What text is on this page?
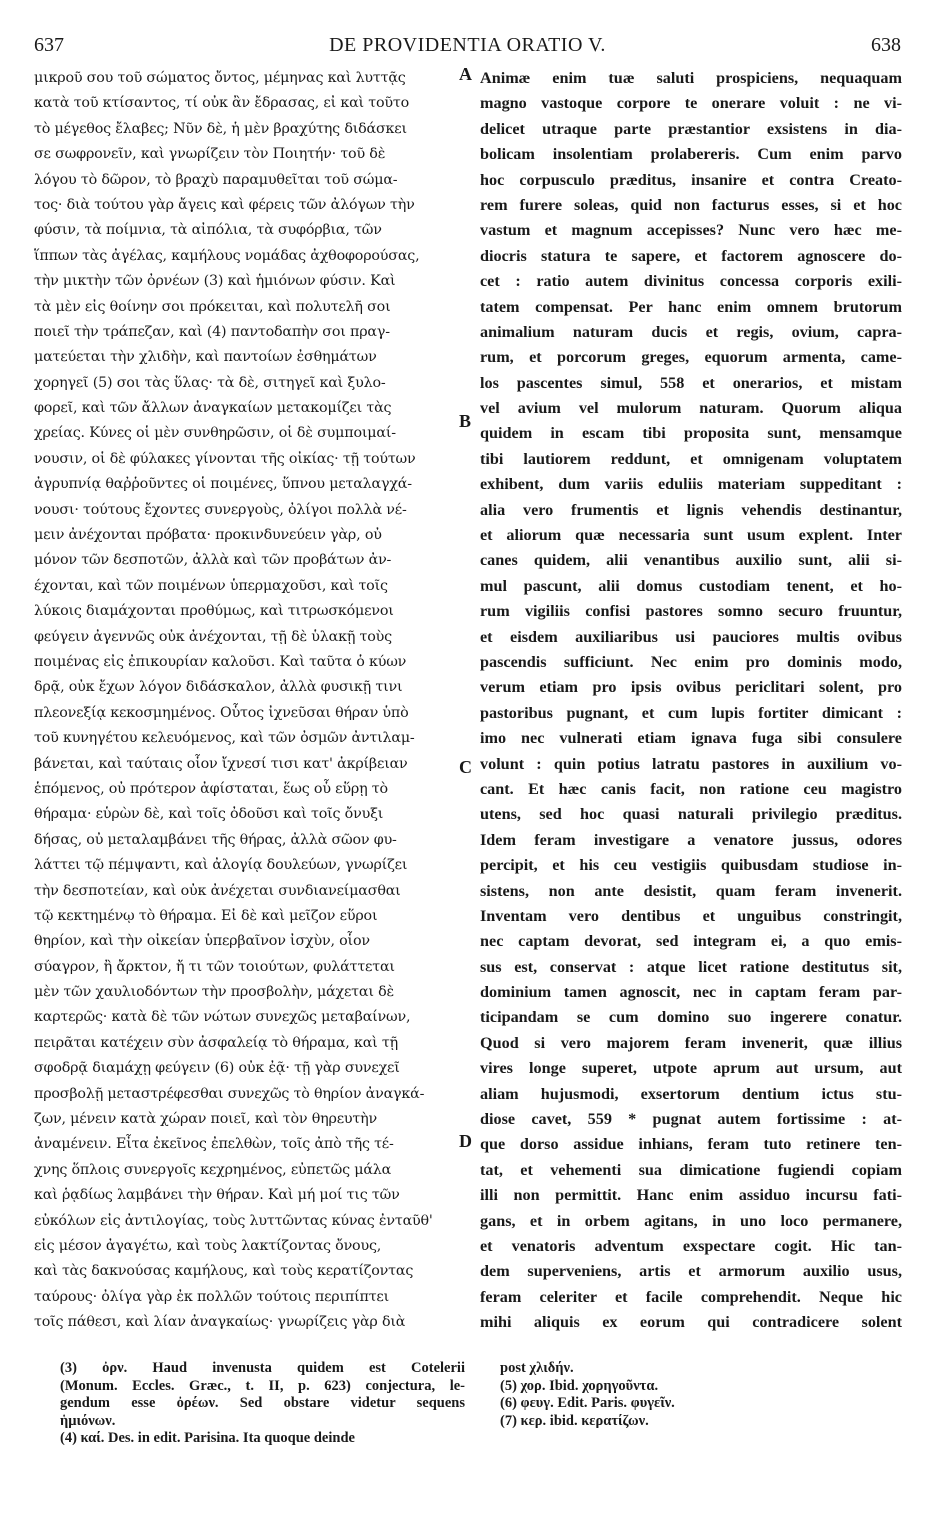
637	DE PROVIDENTIA ORATIO V.	638
μικροῦ σου τοῦ σώματος ὄντος, μέμηνας καὶ λυττᾷς
κατὰ τοῦ κτίσαντος, τί οὐκ ἂν ἔδρασας, εἰ καὶ τοῦτο
τὸ μέγεθος ἔλαβες; Νῦν δὲ, ἡ μὲν βραχύτης διδάσκει
σε σωφρονεῖν, καὶ γνωρίζειν τὸν Ποιητήν· τοῦ δὲ
λόγου τὸ δῶρον, τὸ βραχὺ παραμυθεῖται τοῦ σώμα-
τος· διὰ τούτου γὰρ ἄγεις καὶ φέρεις τῶν ἀλόγων τὴν
φύσιν, τὰ ποίμνια, τὰ αἰπόλια, τὰ συφόρβια, τῶν
ἵππων τὰς ἀγέλας, καμήλους νομάδας ἀχθοφορούσας,
τὴν μικτὴν τῶν ὀρνέων (3) καὶ ἡμιόνων φύσιν. Καὶ
τὰ μὲν εἰς θοίνην σοι πρόκειται, καὶ πολυτελῆ σοι
ποιεῖ τὴν τράπεζαν, καὶ (4) παντοδαπὴν σοι πραγ-
ματεύεται τὴν χλιδὴν, καὶ παντοίων ἐσθημάτων
χορηγεῖ (5) σοι τὰς ὕλας· τὰ δὲ, σιτηγεῖ καὶ ξυλο-
φορεῖ, καὶ τῶν ἄλλων ἀναγκαίων μετακομίζει τὰς
χρείας. Κύνες οἱ μὲν συνθηρῶσιν, οἱ δὲ συμποιμαί-
νουσιν, οἱ δὲ φύλακες γίνονται τῆς οἰκίας· τῇ τούτων
ἀγρυπνίᾳ θαῤῥοῦντες οἱ ποιμένες, ὕπνου μεταλαγχά-
νουσι· τούτους ἔχοντες συνεργοὺς, ὀλίγοι πολλὰ νέ-
μειν ἀνέχονται πρόβατα· προκινδυνεύειν γὰρ, οὐ
μόνον τῶν δεσποτῶν, ἀλλὰ καὶ τῶν προβάτων ἀν-
έχονται, καὶ τῶν ποιμένων ὑπερμαχοῦσι, καὶ τοῖς
λύκοις διαμάχονται προθύμως, καὶ τιτρωσκόμενοι
φεύγειν ἀγεννῶς οὐκ ἀνέχονται, τῇ δὲ ὑλακῇ τοὺς
ποιμένας εἰς ἐπικουρίαν καλοῦσι. Καὶ ταῦτα ὁ κύων
δρᾷ, οὐκ ἔχων λόγον διδάσκαλον, ἀλλὰ φυσικῇ τινι
πλεονεξίᾳ κεκοσμημένος. Οὗτος ἰχνεῦσαι θήραν ὑπὸ
τοῦ κυνηγέτου κελευόμενος, καὶ τῶν ὀσμῶν ἀντιλαμ-
βάνεται, καὶ ταύταις οἷον ἴχνεσί τισι κατ' ἀκρίβειαν
ἑπόμενος, οὐ πρότερον ἀφίσταται, ἕως οὗ εὕρῃ τὸ
θήραμα· εὑρὼν δὲ, καὶ τοῖς ὀδοῦσι καὶ τοῖς ὄνυξι
δήσας, οὐ μεταλαμβάνει τῆς θήρας, ἀλλὰ σῶον φυ-
λάττει τῷ πέμψαντι, καὶ ἀλογίᾳ δουλεύων, γνωρίζει
τὴν δεσποτείαν, καὶ οὐκ ἀνέχεται συνδιανείμασθαι
τῷ κεκτημένῳ τὸ θήραμα. Εἰ δὲ καὶ μεῖζον εὕροι
θηρίον, καὶ τὴν οἰκείαν ὑπερβαῖνον ἰσχὺν, οἷον
σύαγρον, ἢ ἄρκτον, ἤ τι τῶν τοιούτων, φυλάττεται
μὲν τῶν χαυλιοδόντων τὴν προσβολὴν, μάχεται δὲ
καρτερῶς· κατὰ δὲ τῶν νώτων συνεχῶς μεταβαίνων,
πειρᾶται κατέχειν σὺν ἀσφαλείᾳ τὸ θήραμα, καὶ τῇ
σφοδρᾷ διαμάχῃ φεύγειν (6) οὐκ ἐᾷ· τῇ γὰρ συνεχεῖ
προσβολῇ μεταστρέφεσθαι συνεχῶς τὸ θηρίον ἀναγκά-
ζων, μένειν κατὰ χώραν ποιεῖ, καὶ τὸν θηρευτὴν
ἀναμένειν. Εἶτα ἐκεῖνος ἐπελθὼν, τοῖς ἀπὸ τῆς τέ-
χνης ὅπλοις συνεργοῖς κεχρημένος, εὐπετῶς μάλα
καὶ ῥᾳδίως λαμβάνει τὴν θήραν. Καὶ μή μοί τις τῶν
εὐκόλων εἰς ἀντιλογίας, τοὺς λυττῶντας κύνας ἐνταῦθ'
εἰς μέσον ἀγαγέτω, καὶ τοὺς λακτίζοντας ὄνους,
καὶ τὰς δακνούσας καμήλους, καὶ τοὺς κερατίζοντας
ταύρους· ὀλίγα γὰρ ἐκ πολλῶν τούτοις περιπίπτει
τοῖς πάθεσι, καὶ λίαν ἀναγκαίως· γνωρίζεις γὰρ διὰ
Animæ enim tuæ saluti prospiciens, nequaquam
magno vastoque corpore te onerare voluit : ne vi-
delicet utraque parte præstantior exsistens in dia-
bolicam insolentiam prolabereris. Cum enim parvo
hoc corpusculo præditus, insanire et contra Creato-
rem furere soleas, quid non facturus esses, si et hoc
vastum et magnum accepisses? Nunc vero hæc me-
diocris statura te sapere, et factorem agnoscere do-
cet : ratio autem divinitus concessa corporis exili-
tatem compensat. Per hanc enim omnem brutorum
animalium naturam ducis et regis, ovium, capra-
rum, et porcorum greges, equorum armenta, came-
los pascentes simul, 558 et onerarios, et mistam
vel avium vel mulorum naturam. Quorum aliqua
quidem in escam tibi proposita sunt, mensamque
tibi lautiorem reddunt, et omnigenam voluptatem
exhibent, dum variis eduliis materiam suppeditant :
alia vero frumentis et lignis vehendis destinantur,
et aliorum quæ necessaria sunt usum explent. Inter
canes quidem, alii venantibus auxilio sunt, alii si-
mul pascunt, alii domus custodiam tenent, et ho-
rum vigiliis confisi pastores somno securo fruuntur,
et eisdem auxiliaribus usi pauciores multis ovibus
pascendis sufficiunt. Nec enim pro dominis modo,
verum etiam pro ipsis ovibus periclitari solent, pro
pastoribus pugnant, et cum lupis fortiter dimicant :
imo nec vulnerati etiam ignava fuga sibi consulere
volunt : quin potius latratu pastores in auxilium vo-
cant. Et hæc canis facit, non ratione ceu magistro
utens, sed hoc quasi naturali privilegio præditus.
Idem feram investigare a venatore jussus, odores
percipit, et his ceu vestigiis quibusdam studiose in-
sistens, non ante desistit, quam feram invenerit.
Inventam vero dentibus et unguibus constringit,
nec captam devorat, sed integram ei, a quo emis-
sus est, conservat : atque licet ratione destitutus sit,
dominium tamen agnoscit, nec in captam feram par-
ticipandam se cum domino suo ingerere conatur.
Quod si vero majorem feram invenerit, quæ illius
vires longe superet, utpote aprum aut ursum, aut
aliam hujusmodi, exsertorum dentium ictus stu-
diose cavet, 559 * pugnat autem fortissime : at-
que dorso assidue inhians, feram tuto retinere ten-
tat, et vehementi sua dimicatione fugiendi copiam
illi non permittit. Hanc enim assiduo incursu fati-
gans, et in orbem agitans, in uno loco permanere,
et venatoris adventum exspectare cogit. Hic tan-
dem superveniens, artis et armorum auxilio usus,
feram celeriter et facile comprehendit. Neque hic
mihi aliquis ex eorum qui contradicere solent
A
B
C
D
(3) ὀρν. Haud invenusta quidem est Cotelerii
(Monum. Eccles. Græc., t. II, p. 623) conjectura, le-
gendum esse ὀρέων. Sed obstare videtur sequens
ἡμιόνων.
(4) καί. Des. in edit. Parisina. Ita quoque deinde
post χλιδήν.
(5) χορ. Ibid. χορηγοῦντα.
(6) φευγ. Edit. Paris. φυγεῖν.
(7) κερ. ibid. κερατίζων.
